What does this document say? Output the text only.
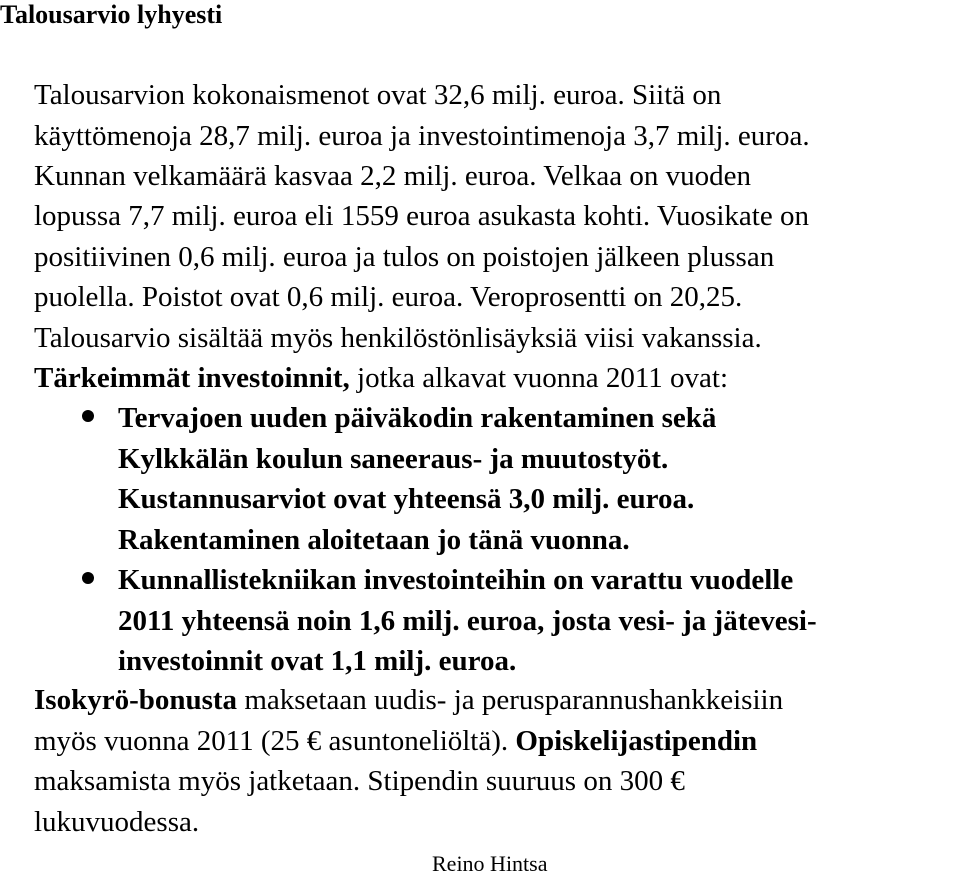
Talousarvio lyhyesti
Talousarvion kokonaismenot ovat 32,6 milj. euroa. Siitä on
käyttömenoja 28,7 milj. euroa ja investointimenoja 3,7 milj. euroa.
Kunnan velkamäärä kasvaa 2,2 milj. euroa. Velkaa on vuoden
lopussa 7,7 milj. euroa eli 1559 euroa asukasta kohti. Vuosikate on
positiivinen 0,6 milj. euroa ja tulos on poistojen jälkeen plussan
puolella. Poistot ovat 0,6 milj. euroa. Veroprosentti on 20,25.
Talousarvio sisältää myös henkilöstönlisäyksiä viisi vakanssia.
Tärkeimmät investoinnit, jotka alkavat vuonna 2011 ovat:
Tervajoen uuden päiväkodin rakentaminen sekä
Kylkkälän koulun saneeraus- ja muutostyöt.
Kustannusarviot ovat yhteensä 3,0 milj. euroa.
Rakentaminen aloitetaan jo tänä vuonna.
Kunnallistekniikan investointeihin on varattu vuodelle
2011 yhteensä noin 1,6 milj. euroa, josta vesi- ja jätevesi-
investoinnit ovat 1,1 milj. euroa.
Isokyrö-bonusta maksetaan uudis- ja perusparannushankkeisiin
myös vuonna 2011 (25 € asuntoneliöltä). Opiskelijastipendin
maksamista myös jatketaan. Stipendin suuruus on 300 €
lukuvuodessa.
Reino Hintsa
